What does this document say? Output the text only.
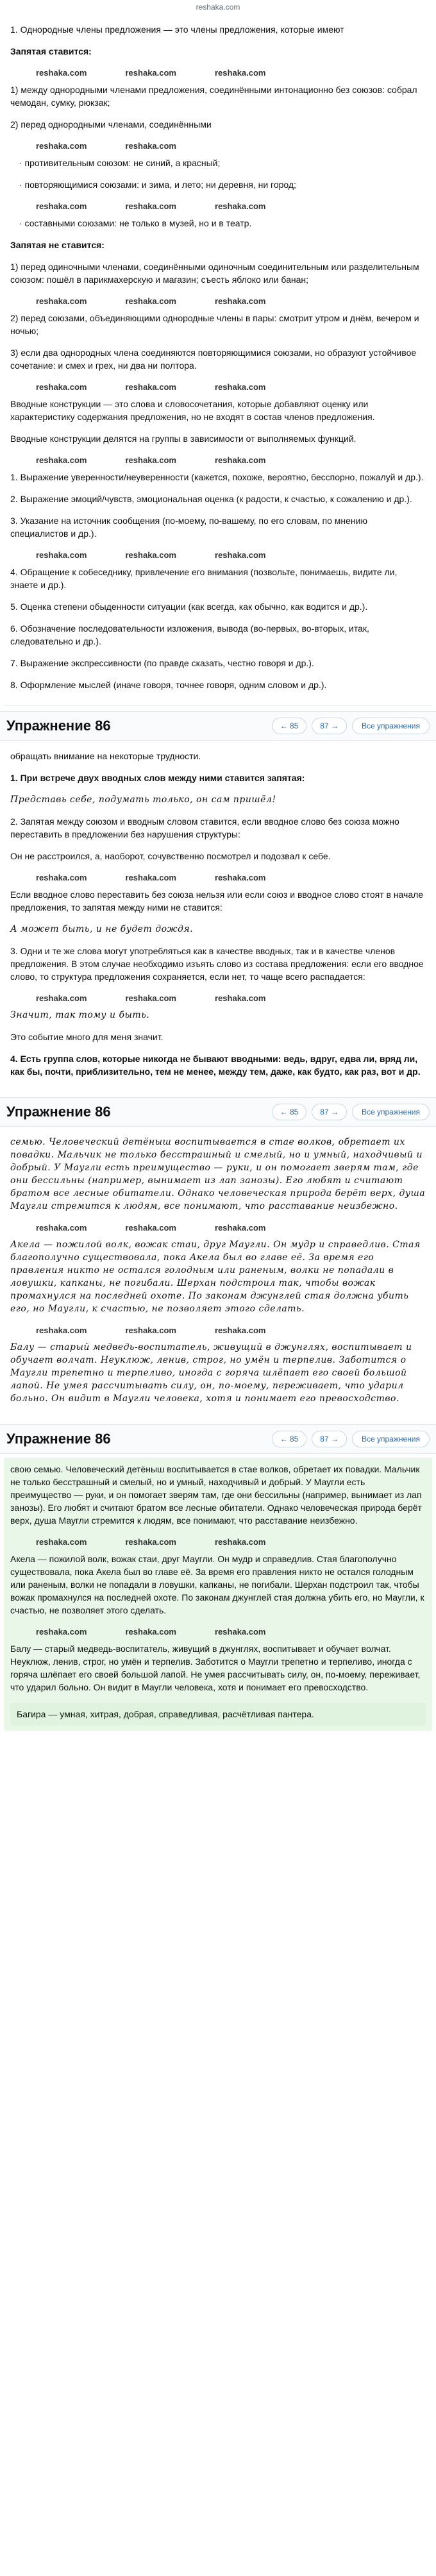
reshaka.com

1. Однородные члены предложения — это члены предложения, которые имеют

Запятая ставится:

reshaka.com	reshaka.com	reshaka.com

1) между однородными членами предложения, соединёнными интонационно без союзов: собрал чемодан, сумку, рюкзак;

2) перед однородными членами, соединёнными

reshaka.com	reshaka.com

· противительным союзом: не синий, а красный;

· повторяющимися союзами: и зима, и лето; ни деревня, ни город;

reshaka.com	reshaka.com	reshaka.com

· составными союзами: не только в музей, но и в театр.

Запятая не ставится:

1) перед одиночными членами, соединёнными одиночным соединительным или разделительным союзом: пошёл в парикмахерскую и магазин; съесть яблоко или банан;

reshaka.com	reshaka.com	reshaka.com

2) перед союзами, объединяющими однородные члены в пары: смотрит утром и днём, вечером и ночью;

3) если два однородных члена соединяются повторяющимися союзами, но образуют устойчивое сочетание: и смех и грех, ни два ни полтора.

reshaka.com	reshaka.com	reshaka.com

Вводные конструкции — это слова и словосочетания, которые добавляют оценку или характеристику содержания предложения, но не входят в состав членов предложения.

Вводные конструкции делятся на группы в зависимости от выполняемых функций.

reshaka.com	reshaka.com	reshaka.com

1. Выражение уверенности/неуверенности (кажется, похоже, вероятно, бесспорно, пожалуй и др.).

2. Выражение эмоций/чувств, эмоциональная оценка (к радости, к счастью, к сожалению и др.).

3. Указание на источник сообщения (по-моему, по-вашему, по его словам, по мнению специалистов и др.).

reshaka.com	reshaka.com	reshaka.com

4. Обращение к собеседнику, привлечение его внимания (позвольте, понимаешь, видите ли, знаете и др.).

5. Оценка степени обыденности ситуации (как всегда, как обычно, как водится и др.).

6. Обозначение последовательности изложения, вывода (во-первых, во-вторых, итак, следовательно и др.).

7. Выражение экспрессивности (по правде сказать, честно говоря и др.).

8. Оформление мыслей (иначе говоря, точнее говоря, одним словом и др.).

Упражнение 86	← 85	87 →	Все упражнения

обращать внимание на некоторые трудности.

1. При встрече двух вводных слов между ними ставится запятая:

Представь себе, подумать только, он сам пришёл!

2. Запятая между союзом и вводным словом ставится, если вводное слово без союза можно переставить в предложении без нарушения структуры:

Он не расстроился, а, наоборот, сочувственно посмотрел и подозвал к себе.

reshaka.com	reshaka.com	reshaka.com

Если вводное слово переставить без союза нельзя или если союз и вводное слово стоят в начале предложения, то запятая между ними не ставится:

А может быть, и не будет дождя.

3. Одни и те же слова могут употребляться как в качестве вводных, так и в качестве членов предложения. В этом случае необходимо изъять слово из состава предложения: если его вводное слово, то структура предложения сохраняется, если нет, то чаще всего распадается:

reshaka.com	reshaka.com	reshaka.com

Значит, так тому и быть.

Это событие много для меня значит.

4. Есть группа слов, которые никогда не бывают вводными: ведь, вдруг, едва ли, вряд ли, как бы, почти, приблизительно, тем не менее, между тем, даже, как будто, как раз, вот и др.

Упражнение 86	← 85	87 →	Все упражнения

семью. Человеческий детёныш воспитывается в стае волков, обретает их повадки. Мальчик не только бесстрашный и смелый, но и умный, находчивый и добрый. У Маугли есть преимущество — руки, и он помогает зверям там, где они бессильны (например, вынимает из лап занозы). Его любят и считают братом все лесные обитатели. Однако человеческая природа берёт верх, душа Маугли стремится к людям, все понимают, что расставание неизбежно.

reshaka.com	reshaka.com	reshaka.com

Акела — пожилой волк, вожак стаи, друг Маугли. Он мудр и справедлив. Стая благополучно существовала, пока Акела был во главе её. За время его правления никто не остался голодным или раненым, волки не попадали в ловушки, капканы, не погибали. Шерхан подстроил так, чтобы вожак промахнулся на последней охоте. По законам джунглей стая должна убить его, но Маугли, к счастью, не позволяет этого сделать.

reshaka.com	reshaka.com	reshaka.com

Балу — старый медведь-воспитатель, живущий в джунглях, воспитывает и обучает волчат. Неуклюж, ленив, строг, но умён и терпелив. Заботится о Маугли трепетно и терпеливо, иногда с горяча шлёпает его своей большой лапой. Не умея рассчитывать силу, он, по-моему, переживает, что ударил больно. Он видит в Маугли человека, хотя и понимает его превосходство.

Упражнение 86	← 85	87 →	Все упражнения

свою семью. Человеческий детёныш воспитывается в стае волков, обретает их повадки. Мальчик не только бесстрашный и смелый, но и умный, находчивый и добрый. У Маугли есть преимущество — руки, и он помогает зверям там, где они бессильны (например, вынимает из лап занозы). Его любят и считают братом все лесные обитатели. Однако человеческая природа берёт верх, душа Маугли стремится к людям, все понимают, что расставание неизбежно.

reshaka.com	reshaka.com	reshaka.com

Акела — пожилой волк, вожак стаи, друг Маугли. Он мудр и справедлив. Стая благополучно существовала, пока Акела был во главе её. За время его правления никто не остался голодным или раненым, волки не попадали в ловушки, капканы, не погибали. Шерхан подстроил так, чтобы вожак промахнулся на последней охоте. По законам джунглей стая должна убить его, но Маугли, к счастью, не позволяет этого сделать.

reshaka.com	reshaka.com	reshaka.com

Балу — старый медведь-воспитатель, живущий в джунглях, воспитывает и обучает волчат. Неуклюж, ленив, строг, но умён и терпелив. Заботится о Маугли трепетно и терпеливо, иногда с горяча шлёпает его своей большой лапой. Не умея рассчитывать силу, он, по-моему, переживает, что ударил больно. Он видит в Маугли человека, хотя и понимает его превосходство.

Багира — умная, хитрая, добрая, справедливая, расчётливая пантера.
